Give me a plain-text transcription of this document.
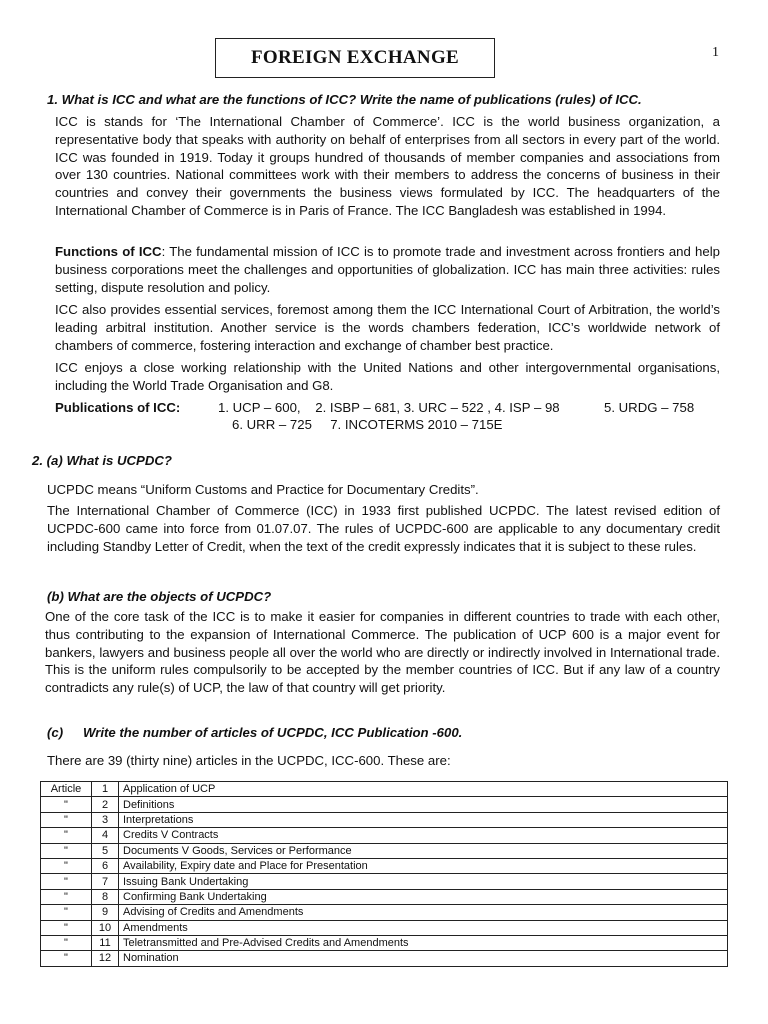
FOREIGN EXCHANGE	1
1. What is ICC and what are the functions of ICC? Write the name of publications (rules) of ICC.

ICC is stands for ‘The International Chamber of Commerce’. ICC is the world business organization, a representative body that speaks with authority on behalf of enterprises from all sectors in every part of the world. ICC was founded in 1919. Today it groups hundred of thousands of member companies and associations from over 130 countries. National committees work with their members to address the concerns of business in their countries and convey their governments the business views formulated by ICC. The headquarters of the International Chamber of Commerce is in Paris of France. The ICC Bangladesh was established in 1994.

Functions of ICC: The fundamental mission of ICC is to promote trade and investment across frontiers and help business corporations meet the challenges and opportunities of globalization. ICC has main three activities: rules setting, dispute resolution and policy.

ICC also provides essential services, foremost among them the ICC International Court of Arbitration, the world’s leading arbitral institution. Another service is the words chambers federation, ICC’s worldwide network of chambers of commerce, fostering interaction and exchange of chamber best practice.

ICC enjoys a close working relationship with the United Nations and other intergovernmental organisations, including the World Trade Organisation and G8.

Publications of ICC:	1. UCP – 600,    2. ISBP – 681, 3. URC – 522 , 4. ISP – 98	5. URDG – 758
6. URR – 725     7. INCOTERMS 2010 – 715E
2. (a) What is UCPDC?

UCPDC means “Uniform Customs and Practice for Documentary Credits”.

The International Chamber of Commerce (ICC) in 1933 first published UCPDC. The latest revised edition of UCPDC-600 came into force from 01.07.07. The rules of UCPDC-600 are applicable to any documentary credit including Standby Letter of Credit, when the text of the credit expressly indicates that it is subject to these rules.

(b) What are the objects of UCPDC?

One of the core task of the ICC is to make it easier for companies in different countries to trade with each other, thus contributing to the expansion of International Commerce. The publication of UCP 600 is a major event for bankers, lawyers and business people all over the world who are directly or indirectly involved in International trade. This is the uniform rules compulsorily to be accepted by the member countries of ICC. But if any law of a country contradicts any rule(s) of UCP, the law of that country will get priority.

(c) Write the number of articles of UCPDC, ICC Publication -600.
There are 39 (thirty nine) articles in the UCPDC, ICC-600. These are:
Article	1	Application of UCP
"	2	Definitions
"	3	Interpretations
"	4	Credits V Contracts
"	5	Documents V Goods, Services or Performance
"	6	Availability, Expiry date and Place for Presentation
"	7	Issuing Bank Undertaking
"	8	Confirming Bank Undertaking
"	9	Advising of Credits and Amendments
"	10	Amendments
"	11	Teletransmitted and Pre-Advised Credits and Amendments
"	12	Nomination
